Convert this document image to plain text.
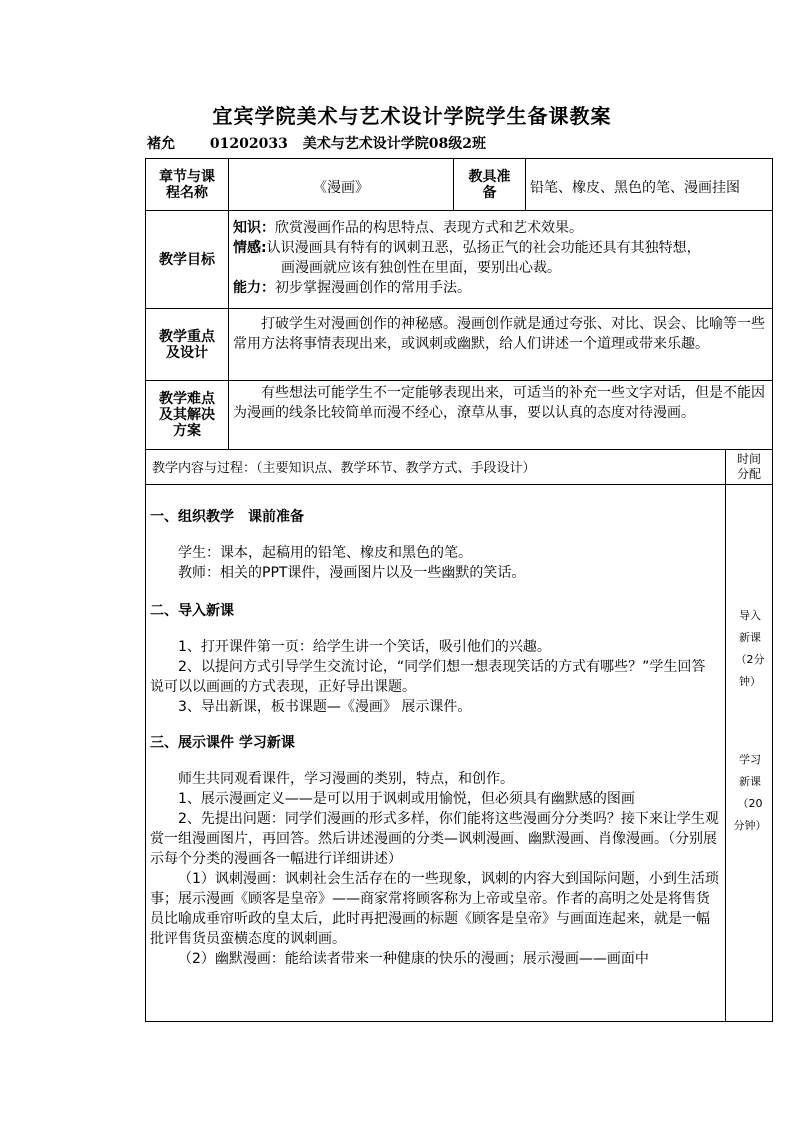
宜宾学院美术与艺术设计学院学生备课教案
褚允 01202033 美术与艺术设计学院08级2班
章节与课程名称	《漫画》
教具准备	铅笔、橡皮、黑色的笔、漫画挂图
教学目标

知识：欣赏漫画作品的构思特点、表现方式和艺术效果。

情感:认识漫画具有特有的讽刺丑恶，弘扬正气的社会功能还具有其独特想，

画漫画就应该有独创性在里面，要别出心裁。

能力：初步掌握漫画创作的常用手法。

教学重点及设计

打破学生对漫画创作的神秘感。漫画创作就是通过夸张、对比、误会、比喻等一些常用方法将事情表现出来，或讽刺或幽默，给人们讲述一个道理或带来乐趣。

教学难点及其解决方案

有些想法可能学生不一定能够表现出来，可适当的补充一些文字对话，但是不能因为漫画的线条比较简单而漫不经心，潦草从事，要以认真的态度对待漫画。

教学内容与过程：（主要知识点、教学环节、教学方式、手段设计）
时间分配

一、组织教学　课前准备

学生：课本，起稿用的铅笔、橡皮和黑色的笔。

教师：相关的PPT课件，漫画图片以及一些幽默的笑话。

二、导入新课

1、打开课件第一页：给学生讲一个笑话，吸引他们的兴趣。

2、以提问方式引导学生交流讨论，“同学们想一想表现笑话的方式有哪些？”学生回答说可以以画画的方式表现，正好导出课题。

3、导出新课，板书课题—《漫画》 展示课件。

三、展示课件 学习新课

师生共同观看课件，学习漫画的类别，特点，和创作。

1、展示漫画定义——是可以用于讽刺或用愉悦，但必须具有幽默感的图画

2、先提出问题：同学们漫画的形式多样，你们能将这些漫画分分类吗？接下来让学生观赏一组漫画图片，再回答。然后讲述漫画的分类—讽刺漫画、幽默漫画、肖像漫画。（分别展示每个分类的漫画各一幅进行详细讲述）

（1）讽刺漫画：讽刺社会生活存在的一些现象，讽刺的内容大到国际问题，小到生活琐事；展示漫画《顾客是皇帝》——商家常将顾客称为上帝或皇帝。作者的高明之处是将售货员比喻成垂帘听政的皇太后，此时再把漫画的标题《顾客是皇帝》与画面连起来，就是一幅批评售货员蛮横态度的讽刺画。

（2）幽默漫画：能给读者带来一种健康的快乐的漫画；展示漫画——画面中

导入
新课
（2分
钟）
学习
新课
（20
分钟）
